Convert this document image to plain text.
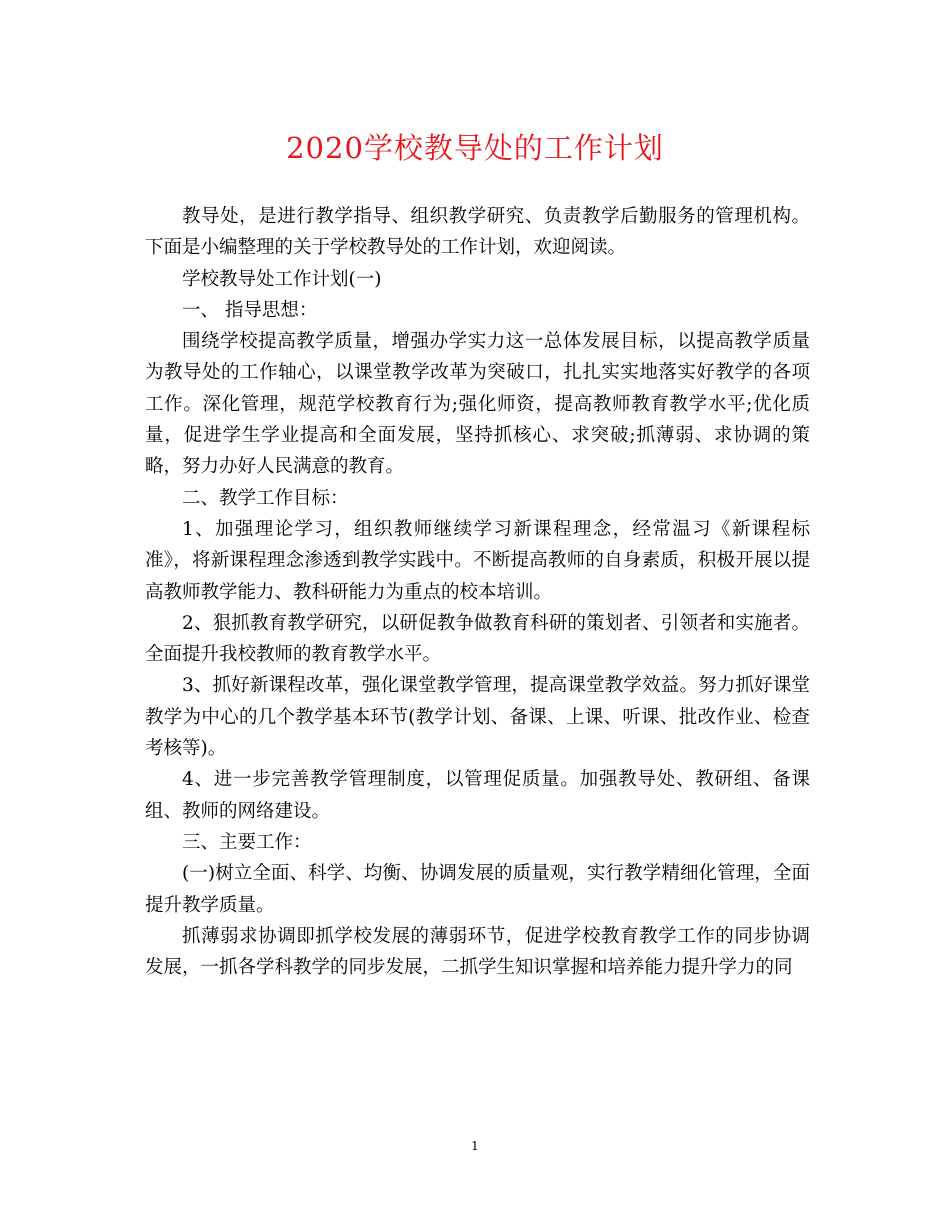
2020学校教导处的工作计划

教导处，是进行教学指导、组织教学研究、负责教学后勤服务的管理机构。下面是小编整理的关于学校教导处的工作计划，欢迎阅读。

学校教导处工作计划(一)

一、 指导思想：

围绕学校提高教学质量，增强办学实力这一总体发展目标，以提高教学质量为教导处的工作轴心，以课堂教学改革为突破口，扎扎实实地落实好教学的各项工作。深化管理，规范学校教育行为;强化师资，提高教师教育教学水平;优化质量，促进学生学业提高和全面发展，坚持抓核心、求突破;抓薄弱、求协调的策略，努力办好人民满意的教育。

二、教学工作目标：

1、加强理论学习，组织教师继续学习新课程理念，经常温习《新课程标准》，将新课程理念渗透到教学实践中。不断提高教师的自身素质，积极开展以提高教师教学能力、教科研能力为重点的校本培训。

2、狠抓教育教学研究，以研促教争做教育科研的策划者、引领者和实施者。全面提升我校教师的教育教学水平。

3、抓好新课程改革，强化课堂教学管理，提高课堂教学效益。努力抓好课堂教学为中心的几个教学基本环节(教学计划、备课、上课、听课、批改作业、检查考核等)。

4、进一步完善教学管理制度，以管理促质量。加强教导处、教研组、备课组、教师的网络建设。

三、主要工作：

(一)树立全面、科学、均衡、协调发展的质量观，实行教学精细化管理，全面提升教学质量。

抓薄弱求协调即抓学校发展的薄弱环节，促进学校教育教学工作的同步协调发展，一抓各学科教学的同步发展，二抓学生知识掌握和培养能力提升学力的同

1
